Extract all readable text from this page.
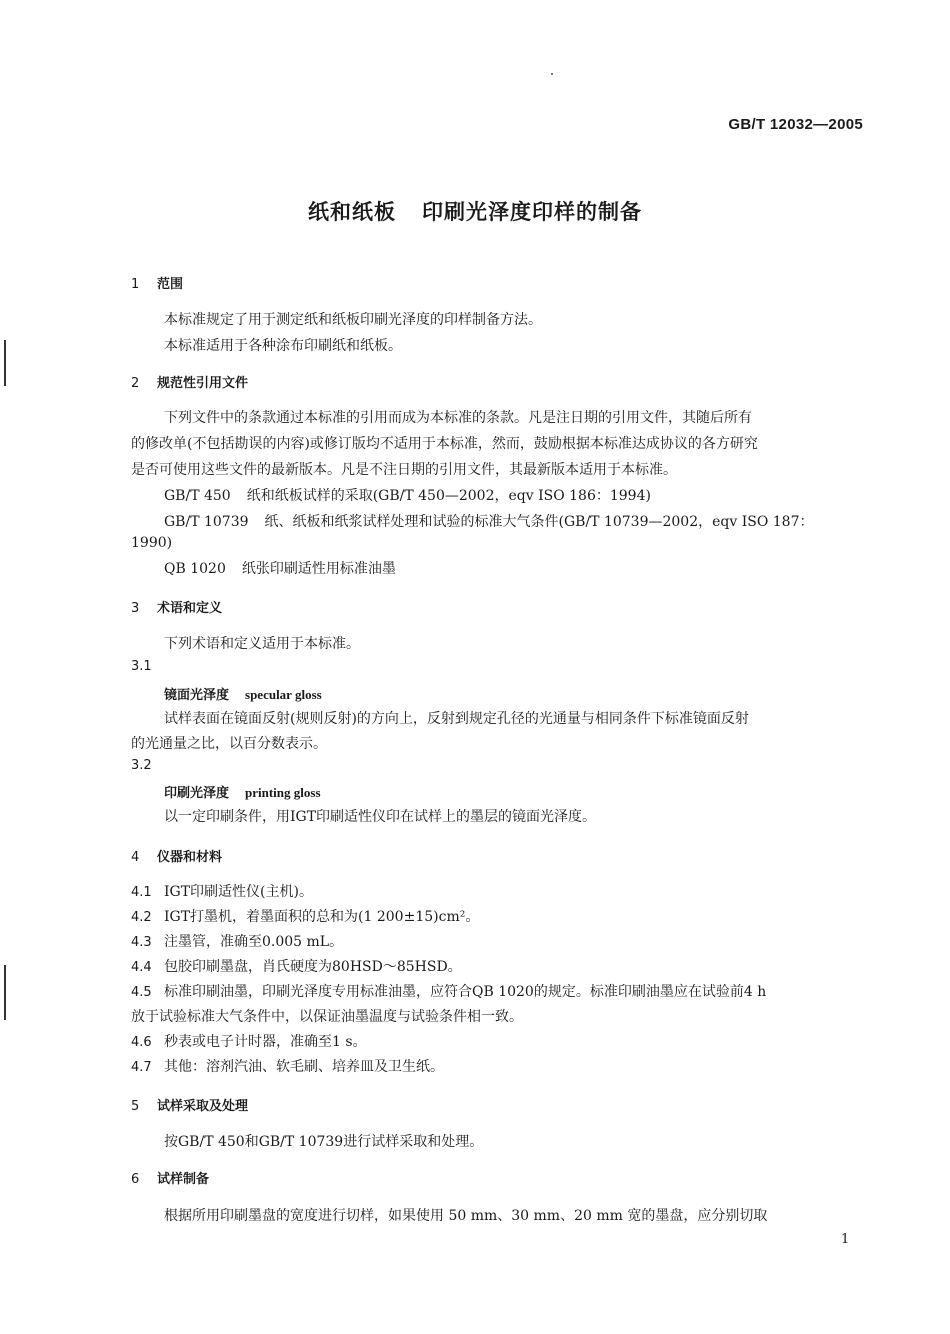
GB/T 12032—2005
纸和纸板 印刷光泽度印样的制备
1 范围
本标准规定了用于测定纸和纸板印刷光泽度的印样制备方法。
本标准适用于各种涂布印刷纸和纸板。
2 规范性引用文件
下列文件中的条款通过本标准的引用而成为本标准的条款。凡是注日期的引用文件，其随后所有
的修改单(不包括勘误的内容)或修订版均不适用于本标准，然而，鼓励根据本标准达成协议的各方研究
是否可使用这些文件的最新版本。凡是不注日期的引用文件，其最新版本适用于本标准。
GB/T 450 纸和纸板试样的采取(GB/T 450—2002，eqv ISO 186：1994)
GB/T 10739 纸、纸板和纸浆试样处理和试验的标准大气条件(GB/T 10739—2002，eqv ISO 187：
1990)
QB 1020 纸张印刷适性用标准油墨
3 术语和定义
下列术语和定义适用于本标准。
3.1
镜面光泽度 specular gloss
试样表面在镜面反射(规则反射)的方向上，反射到规定孔径的光通量与相同条件下标准镜面反射
的光通量之比，以百分数表示。
3.2
印刷光泽度 printing gloss
以一定印刷条件，用IGT印刷适性仪印在试样上的墨层的镜面光泽度。
4 仪器和材料
4.1 IGT印刷适性仪(主机)。
4.2 IGT打墨机，着墨面积的总和为(1 200±15)cm²。
4.3 注墨管，准确至0.005 mL。
4.4 包胶印刷墨盘，肖氏硬度为80HSD～85HSD。
4.5 标准印刷油墨，印刷光泽度专用标准油墨，应符合QB 1020的规定。标准印刷油墨应在试验前4 h
放于试验标准大气条件中，以保证油墨温度与试验条件相一致。
4.6 秒表或电子计时器，准确至1 s。
4.7 其他：溶剂汽油、软毛刷、培养皿及卫生纸。
5 试样采取及处理
按GB/T 450和GB/T 10739进行试样采取和处理。
6 试样制备
根据所用印刷墨盘的宽度进行切样，如果使用 50 mm、30 mm、20 mm 宽的墨盘，应分别切取
1
